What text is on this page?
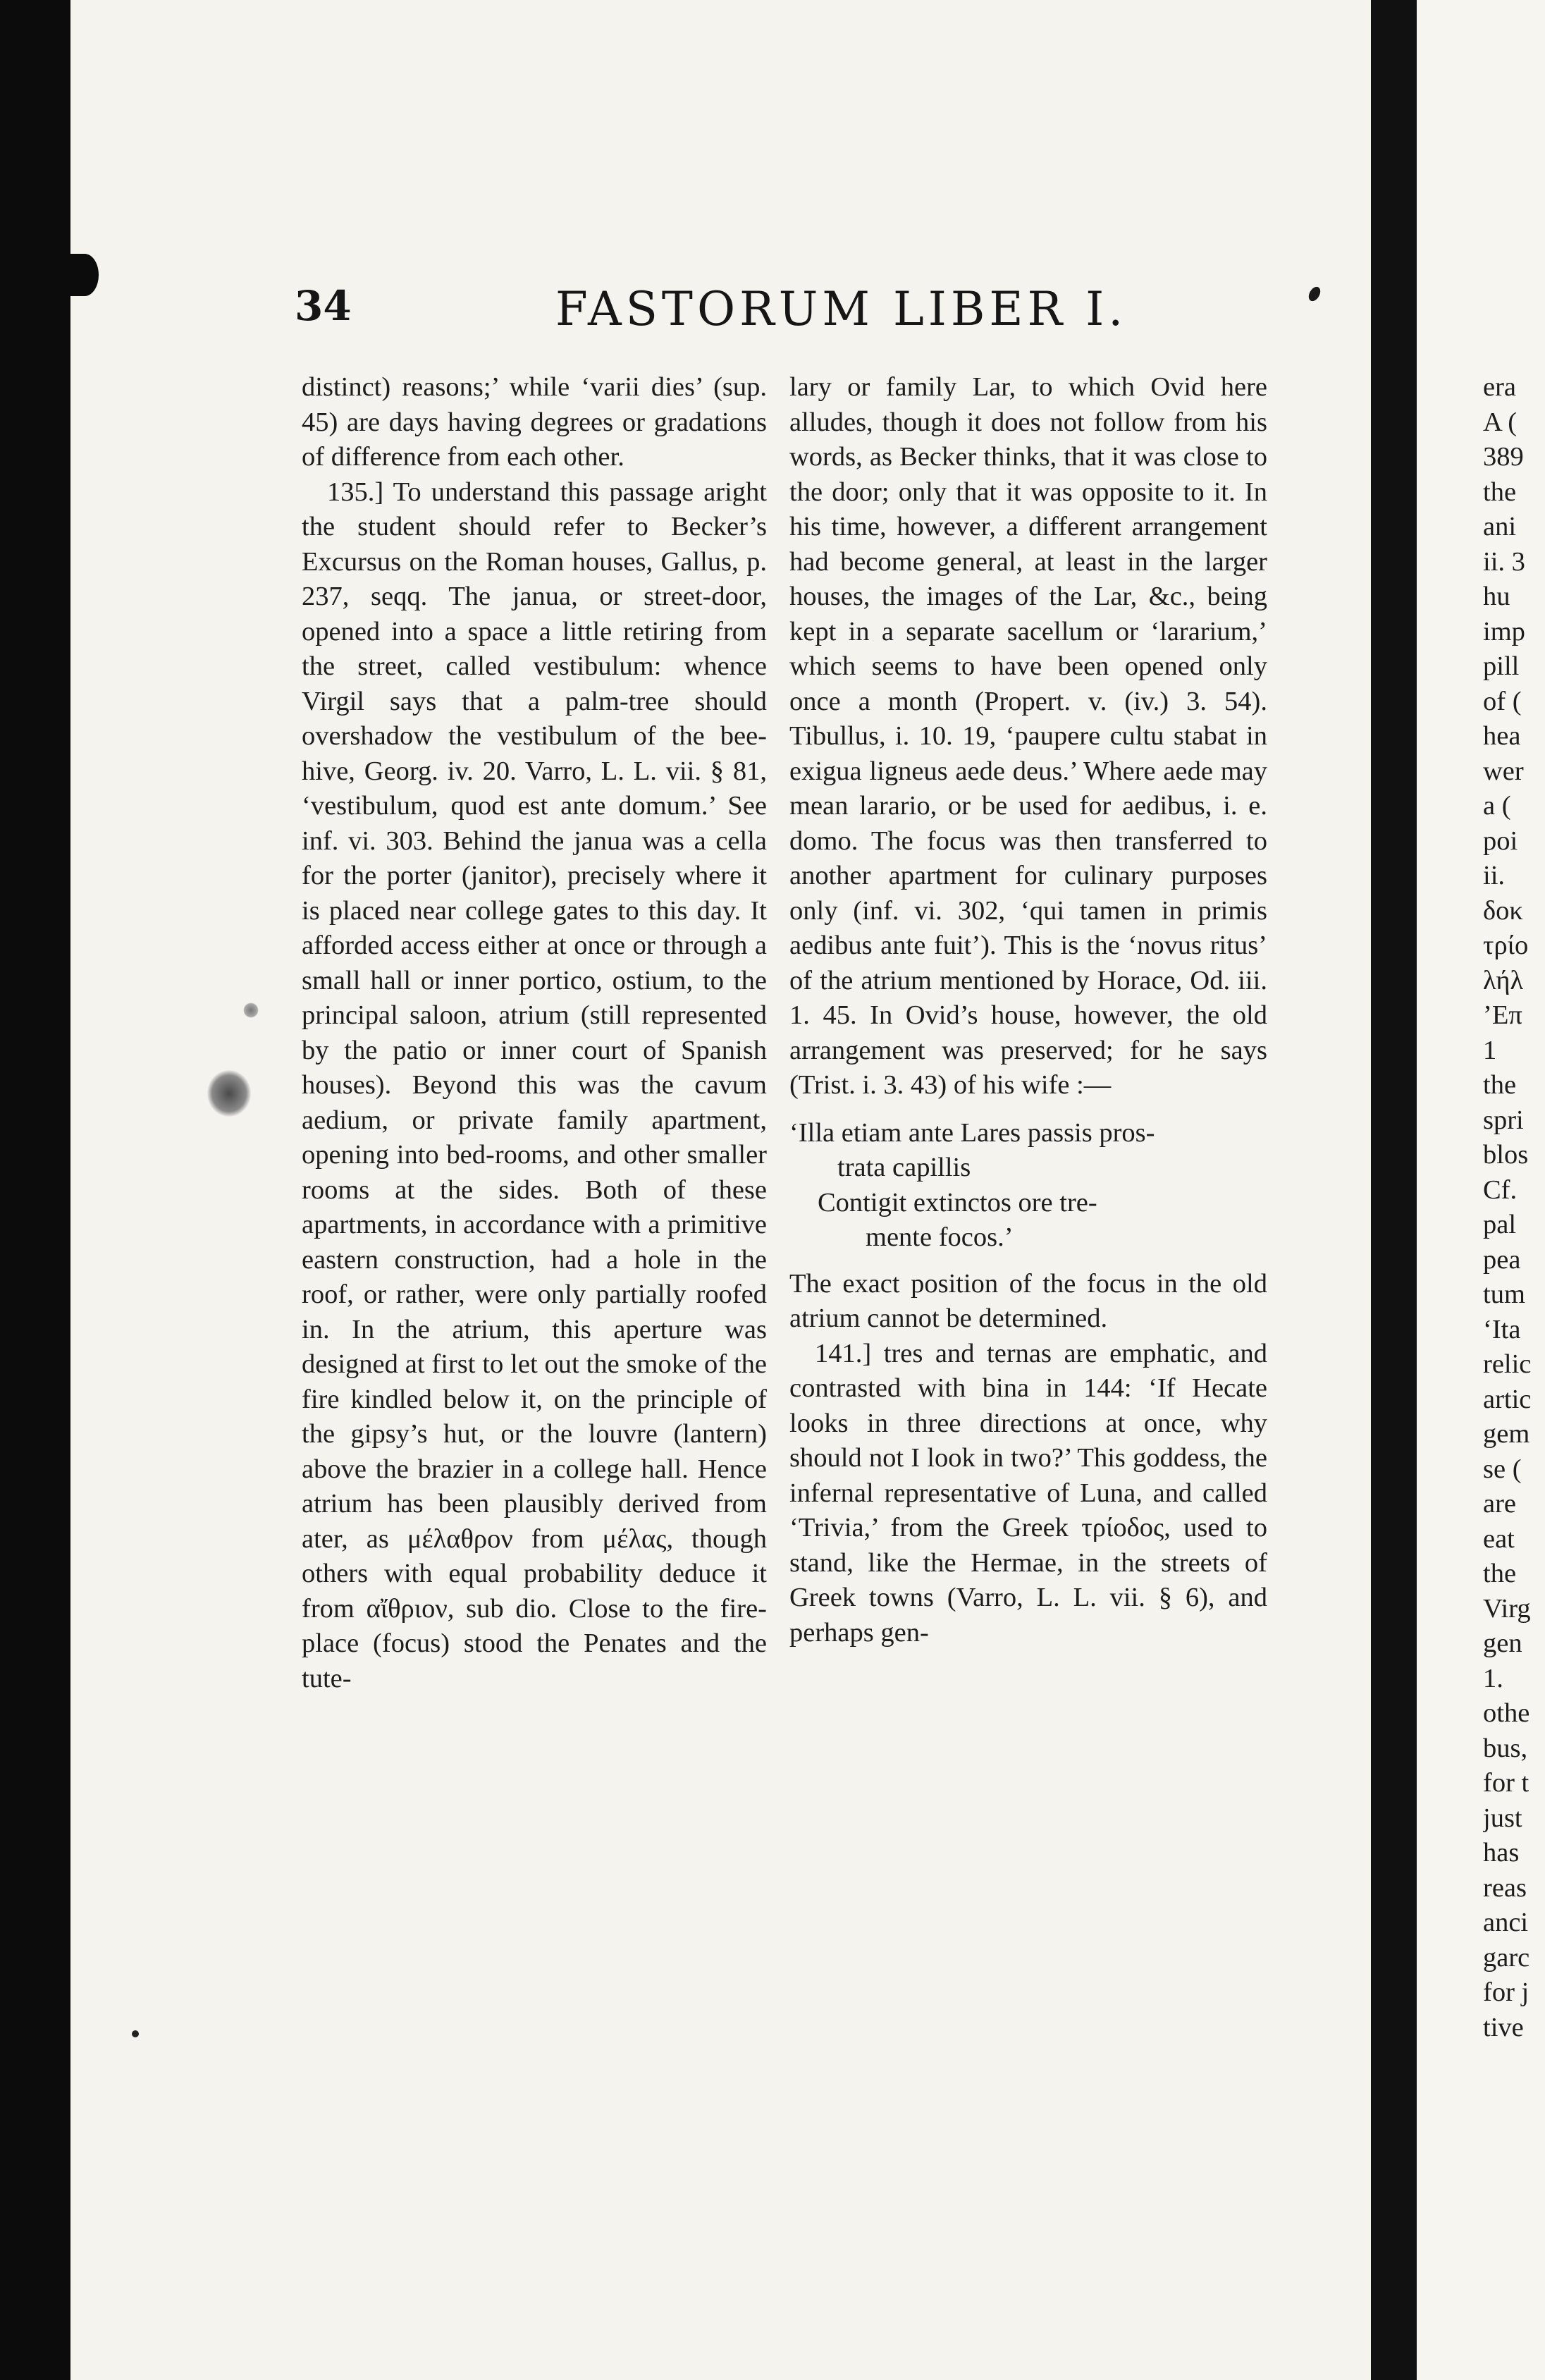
34	FASTORUM LIBER I.

distinct) reasons;’ while ‘varii dies’ (sup. 45) are days having degrees or gradations of difference from each other.

135.] To understand this passage aright the student should refer to Becker’s Excursus on the Roman houses, Gallus, p. 237, seqq. The janua, or street-door, opened into a space a little retiring from the street, called vestibulum: whence Virgil says that a palm-tree should overshadow the vestibulum of the bee-hive, Georg. iv. 20. Varro, L. L. vii. § 81, ‘vestibulum, quod est ante domum.’ See inf. vi. 303. Behind the janua was a cella for the porter (janitor), precisely where it is placed near college gates to this day. It afforded access either at once or through a small hall or inner portico, ostium, to the principal saloon, atrium (still represented by the patio or inner court of Spanish houses). Beyond this was the cavum aedium, or private family apartment, opening into bed-rooms, and other smaller rooms at the sides. Both of these apartments, in accordance with a primitive eastern construction, had a hole in the roof, or rather, were only partially roofed in. In the atrium, this aperture was designed at first to let out the smoke of the fire kindled below it, on the principle of the gipsy’s hut, or the louvre (lantern) above the brazier in a college hall. Hence atrium has been plausibly derived from ater, as μέλαθρον from μέλας, though others with equal probability deduce it from αἴθριον, sub dio. Close to the fire-place (focus) stood the Penates and the tute-

lary or family Lar, to which Ovid here alludes, though it does not follow from his words, as Becker thinks, that it was close to the door; only that it was opposite to it. In his time, however, a different arrangement had become general, at least in the larger houses, the images of the Lar, &c., being kept in a separate sacellum or ‘lararium,’ which seems to have been opened only once a month (Propert. v. (iv.) 3. 54). Tibullus, i. 10. 19, ‘paupere cultu stabat in exigua ligneus aede deus.’ Where aede may mean larario, or be used for aedibus, i. e. domo. The focus was then transferred to another apartment for culinary purposes only (inf. vi. 302, ‘qui tamen in primis aedibus ante fuit’). This is the ‘novus ritus’ of the atrium mentioned by Horace, Od. iii. 1. 45. In Ovid’s house, however, the old arrangement was preserved; for he says (Trist. i. 3. 43) of his wife :—

‘Illa etiam ante Lares passis pros-
trata capillis
Contigit extinctos ore tre-
mente focos.’

The exact position of the focus in the old atrium cannot be determined.

141.] tres and ternas are emphatic, and contrasted with bina in 144: ‘If Hecate looks in three directions at once, why should not I look in two?’ This goddess, the infernal representative of Luna, and called ‘Trivia,’ from the Greek τρίοδος, used to stand, like the Hermae, in the streets of Greek towns (Varro, L. L. vii. § 6), and perhaps gen-

era
A (
389
the
ani
ii. 3
hu
imp
pill
of (
hea
wer
a (
poi
ii.
δοκ
τρίο
λήλ
’Επ
1
the
spri
blos
Cf.
pal
pea
tum
‘Ita
relic
artic
gem
se (
are
eat
the
Virg
gen
1.
othe
bus,
for t
just
has
reas
anci
garc
for j
tive
